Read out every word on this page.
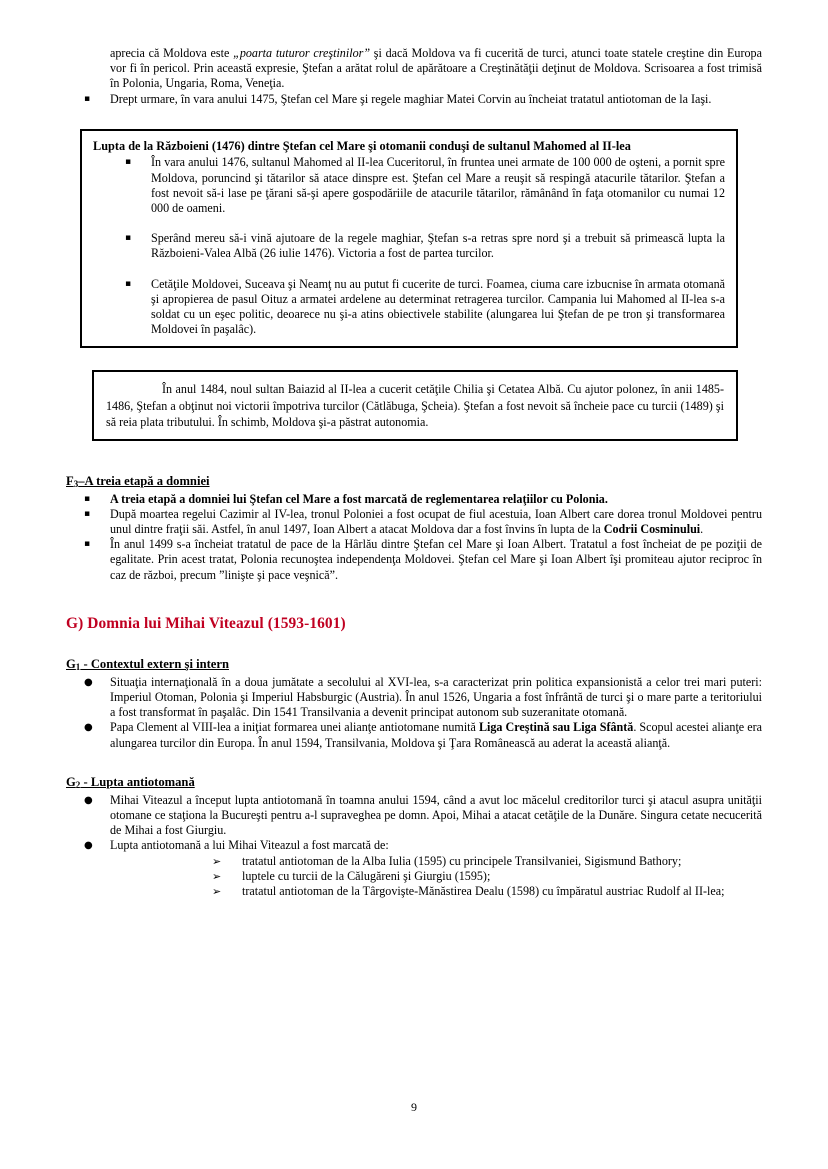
aprecia că Moldova este „poarta tuturor creştinilor” şi dacă Moldova va fi cucerită de turci, atunci toate statele creştine din Europa vor fi în pericol. Prin această expresie, Ştefan a arătat rolul de apărătoare a Creştinătăţii deţinut de Moldova. Scrisoarea a fost trimisă în Polonia, Ungaria, Roma, Veneţia.

▪	Drept urmare, în vara anului 1475, Ştefan cel Mare şi regele maghiar Matei Corvin au încheiat tratatul antiotoman de la Iaşi.
Lupta de la Războieni (1476) dintre Ştefan cel Mare şi otomanii conduşi de sultanul Mahomed al II-lea
▪	În vara anului 1476, sultanul Mahomed al II-lea Cuceritorul, în fruntea unei armate de 100 000 de oşteni, a pornit spre Moldova, poruncind şi tătarilor să atace dinspre est. Ştefan cel Mare a reuşit să respingă atacurile tătarilor. Ştefan a fost nevoit să-i lase pe ţărani să-şi apere gospodăriile de atacurile tătarilor, rămânând în faţa otomanilor cu numai 12 000 de oameni.
▪	Sperând mereu să-i vină ajutoare de la regele maghiar, Ştefan s-a retras spre nord şi a trebuit să primească lupta la Războieni-Valea Albă (26 iulie 1476). Victoria a fost de partea turcilor.
▪	Cetăţile Moldovei, Suceava şi Neamţ nu au putut fi cucerite de turci. Foamea, ciuma care izbucnise în armata otomană şi apropierea de pasul Oituz a armatei ardelene au determinat retragerea turcilor. Campania lui Mahomed al II-lea s-a soldat cu un eşec politic, deoarece nu şi-a atins obiectivele stabilite (alungarea lui Ştefan de pe tron şi transformarea Moldovei în paşalâc).

În anul 1484, noul sultan Baiazid al II-lea a cucerit cetăţile Chilia şi Cetatea Albă. Cu ajutor polonez, în anii 1485-1486, Ştefan a obţinut noi victorii împotriva turcilor (Cătlăbuga, Şcheia). Ştefan a fost nevoit să încheie pace cu turcii (1489) şi să reia plata tributului. În schimb, Moldova şi-a păstrat autonomia.

$F_3-A$ treia etapă a domniei
▪	A treia etapă a domniei lui Ştefan cel Mare a fost marcată de reglementarea relaţiilor cu Polonia.
▪	După moartea regelui Cazimir al IV-lea, tronul Poloniei a fost ocupat de fiul acestuia, Ioan Albert care dorea tronul Moldovei pentru unul dintre fraţii săi. Astfel, în anul 1497, Ioan Albert a atacat Moldova dar a fost învins în lupta de la Codrii Cosminului.
▪	În anul 1499 s-a încheiat tratatul de pace de la Hârlău dintre Ştefan cel Mare şi Ioan Albert. Tratatul a fost încheiat de pe poziţii de egalitate. Prin acest tratat, Polonia recunoştea independenţa Moldovei. Ştefan cel Mare şi Ioan Albert îşi promiteau ajutor reciproc în caz de război, precum ”linişte şi pace veşnică”.
G) Domnia lui Mihai Viteazul (1593-1601)
$G_1$ - Contextul extern şi intern
●	Situaţia internaţională în a doua jumătate a secolului al XVI-lea, s-a caracterizat prin politica expansionistă a celor trei mari puteri: Imperiul Otoman, Polonia şi Imperiul Habsburgic (Austria). În anul 1526, Ungaria a fost înfrântă de turci şi o mare parte a teritoriului a fost transformat în paşalâc. Din 1541 Transilvania a devenit principat autonom sub suzeranitate otomană.
●	Papa Clement al VIII-lea a iniţiat formarea unei alianţe antiotomane numită Liga Creştină sau Liga Sfântă. Scopul acestei alianţe era alungarea turcilor din Europa. În anul 1594, Transilvania, Moldova şi Ţara Românească au aderat la această alianţă.
$G_2$ - Lupta antiotomană
●	Mihai Viteazul a început lupta antiotomană în toamna anului 1594, când a avut loc măcelul creditorilor turci şi atacul asupra unităţii otomane ce staţiona la Bucureşti pentru a-l supraveghea pe domn. Apoi, Mihai a atacat cetăţile de la Dunăre. Singura cetate necucerită de Mihai a fost Giurgiu.
●	Lupta antiotomană a lui Mihai Viteazul a fost marcată de:
➢	tratatul antiotoman de la Alba Iulia (1595) cu principele Transilvaniei, Sigismund Bathory;
➢	luptele cu turcii de la Călugăreni şi Giurgiu (1595);
➢	tratatul antiotoman de la Târgovişte-Mănăstirea Dealu (1598) cu împăratul austriac Rudolf al II-lea;
9
